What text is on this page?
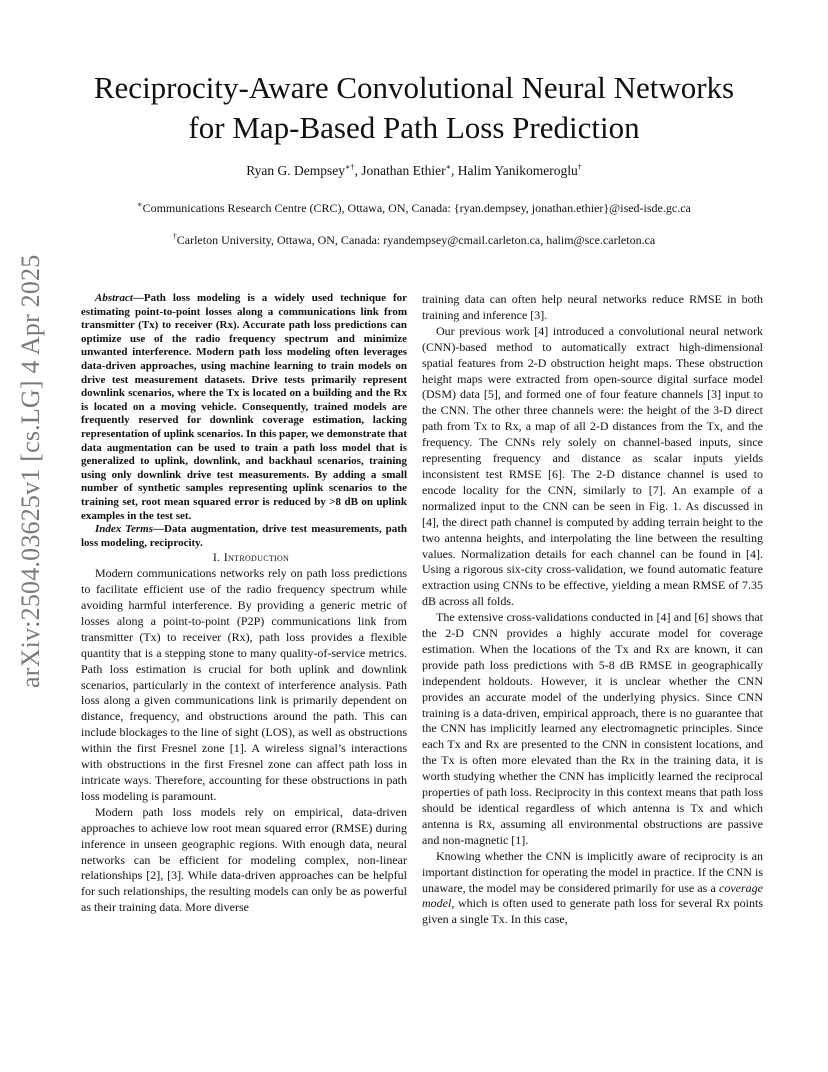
Reciprocity-Aware Convolutional Neural Networks
for Map-Based Path Loss Prediction
Ryan G. Dempsey∗†, Jonathan Ethier∗, Halim Yanikomeroglu†
∗Communications Research Centre (CRC), Ottawa, ON, Canada: {ryan.dempsey, jonathan.ethier}@ised-isde.gc.ca
†Carleton University, Ottawa, ON, Canada: ryandempsey@cmail.carleton.ca, halim@sce.carleton.ca
arXiv:2504.03625v1 [cs.LG] 4 Apr 2025	Abstract—Path loss modeling is a widely used technique for estimating point-to-point losses along a communications link from transmitter (Tx) to receiver (Rx). Accurate path loss predictions can optimize use of the radio frequency spectrum and minimize unwanted interference. Modern path loss modeling often leverages data-driven approaches, using machine learning to train models on drive test measurement datasets. Drive tests primarily represent downlink scenarios, where the Tx is located on a building and the Rx is located on a moving vehicle. Consequently, trained models are frequently reserved for downlink coverage estimation, lacking representation of uplink scenarios. In this paper, we demonstrate that data augmentation can be used to train a path loss model that is generalized to uplink, downlink, and backhaul scenarios, training using only downlink drive test measurements. By adding a small number of synthetic samples representing uplink scenarios to the training set, root mean squared error is reduced by >8 dB on uplink examples in the test set.

Index Terms—Data augmentation, drive test measurements, path loss modeling, reciprocity.

I. Introduction

Modern communications networks rely on path loss predictions to facilitate efficient use of the radio frequency spectrum while avoiding harmful interference. By providing a generic metric of losses along a point-to-point (P2P) communications link from transmitter (Tx) to receiver (Rx), path loss provides a flexible quantity that is a stepping stone to many quality-of-service metrics. Path loss estimation is crucial for both uplink and downlink scenarios, particularly in the context of interference analysis. Path loss along a given communications link is primarily dependent on distance, frequency, and obstructions around the path. This can include blockages to the line of sight (LOS), as well as obstructions within the first Fresnel zone [1]. A wireless signal’s interactions with obstructions in the first Fresnel zone can affect path loss in intricate ways. Therefore, accounting for these obstructions in path loss modeling is paramount.

Modern path loss models rely on empirical, data-driven approaches to achieve low root mean squared error (RMSE) during inference in unseen geographic regions. With enough data, neural networks can be efficient for modeling complex, non-linear relationships [2], [3]. While data-driven approaches can be helpful for such relationships, the resulting models can only be as powerful as their training data. More diverse

training data can often help neural networks reduce RMSE in both training and inference [3].

Our previous work [4] introduced a convolutional neural network (CNN)-based method to automatically extract high-dimensional spatial features from 2-D obstruction height maps. These obstruction height maps were extracted from open-source digital surface model (DSM) data [5], and formed one of four feature channels [3] input to the CNN. The other three channels were: the height of the 3-D direct path from Tx to Rx, a map of all 2-D distances from the Tx, and the frequency. The CNNs rely solely on channel-based inputs, since representing frequency and distance as scalar inputs yields inconsistent test RMSE [6]. The 2-D distance channel is used to encode locality for the CNN, similarly to [7]. An example of a normalized input to the CNN can be seen in Fig. 1. As discussed in [4], the direct path channel is computed by adding terrain height to the two antenna heights, and interpolating the line between the resulting values. Normalization details for each channel can be found in [4]. Using a rigorous six-city cross-validation, we found automatic feature extraction using CNNs to be effective, yielding a mean RMSE of 7.35 dB across all folds.

The extensive cross-validations conducted in [4] and [6] shows that the 2-D CNN provides a highly accurate model for coverage estimation. When the locations of the Tx and Rx are known, it can provide path loss predictions with 5-8 dB RMSE in geographically independent holdouts. However, it is unclear whether the CNN provides an accurate model of the underlying physics. Since CNN training is a data-driven, empirical approach, there is no guarantee that the CNN has implicitly learned any electromagnetic principles. Since each Tx and Rx are presented to the CNN in consistent locations, and the Tx is often more elevated than the Rx in the training data, it is worth studying whether the CNN has implicitly learned the reciprocal properties of path loss. Reciprocity in this context means that path loss should be identical regardless of which antenna is Tx and which antenna is Rx, assuming all environmental obstructions are passive and non-magnetic [1].

Knowing whether the CNN is implicitly aware of reciprocity is an important distinction for operating the model in practice. If the CNN is unaware, the model may be considered primarily for use as a coverage model, which is often used to generate path loss for several Rx points given a single Tx. In this case,
